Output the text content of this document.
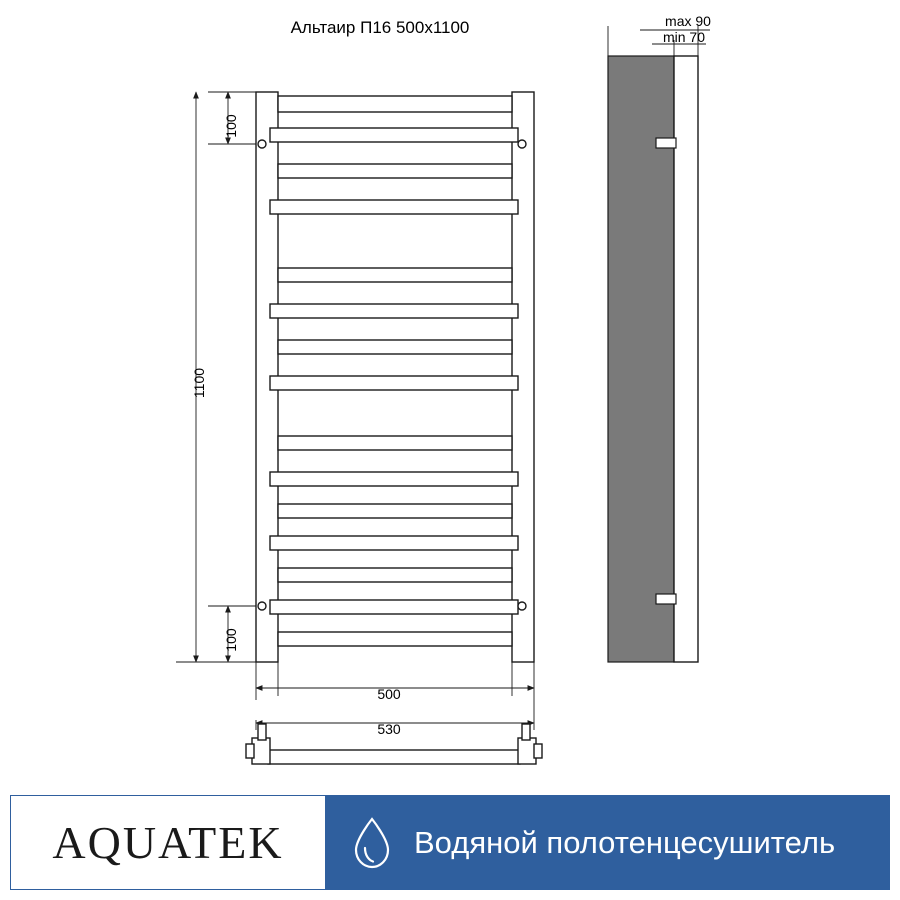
Альтаир П16 500х1100
100
1100
100
500
530
max 90
min 70
AQUATEK	Водяной полотенцесушитель
